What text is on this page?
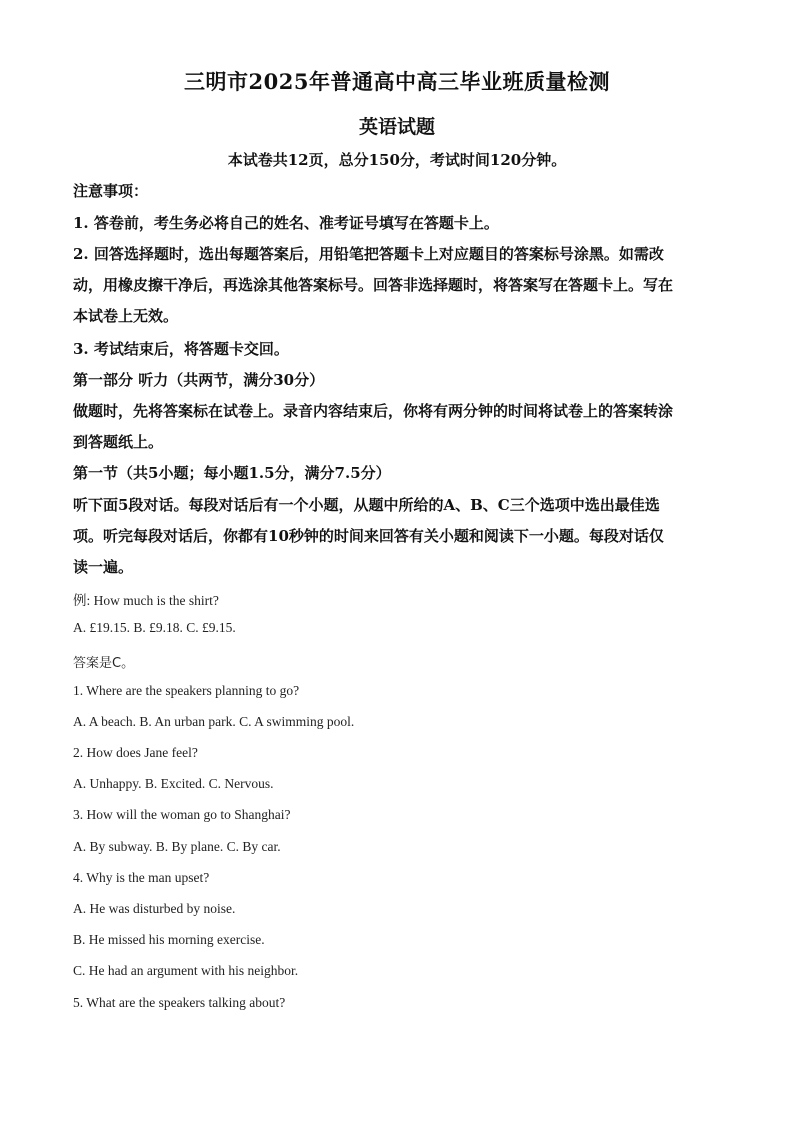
三明市2025年普通高中高三毕业班质量检测
英语试题

本试卷共12页，总分150分，考试时间120分钟。

注意事项：

1. 答卷前，考生务必将自己的姓名、准考证号填写在答题卡上。

2. 回答选择题时，选出每题答案后，用铅笔把答题卡上对应题目的答案标号涂黑。如需改

动，用橡皮擦干净后，再选涂其他答案标号。回答非选择题时，将答案写在答题卡上。写在

本试卷上无效。

3. 考试结束后，将答题卡交回。

第一部分 听力（共两节，满分30分）

做题时，先将答案标在试卷上。录音内容结束后，你将有两分钟的时间将试卷上的答案转涂

到答题纸上。

第一节（共5小题；每小题1.5分，满分7.5分）

听下面5段对话。每段对话后有一个小题，从题中所给的A、B、C三个选项中选出最佳选

项。听完每段对话后，你都有10秒钟的时间来回答有关小题和阅读下一小题。每段对话仅

读一遍。

例: How much is the shirt?

A. £19.15. B. £9.18. C. £9.15.

答案是C。

1. Where are the speakers planning to go?

A. A beach. B. An urban park. C. A swimming pool.

2. How does Jane feel?

A. Unhappy. B. Excited. C. Nervous.

3. How will the woman go to Shanghai?

A. By subway. B. By plane. C. By car.

4. Why is the man upset?

A. He was disturbed by noise.

B. He missed his morning exercise.

C. He had an argument with his neighbor.

5. What are the speakers talking about?
